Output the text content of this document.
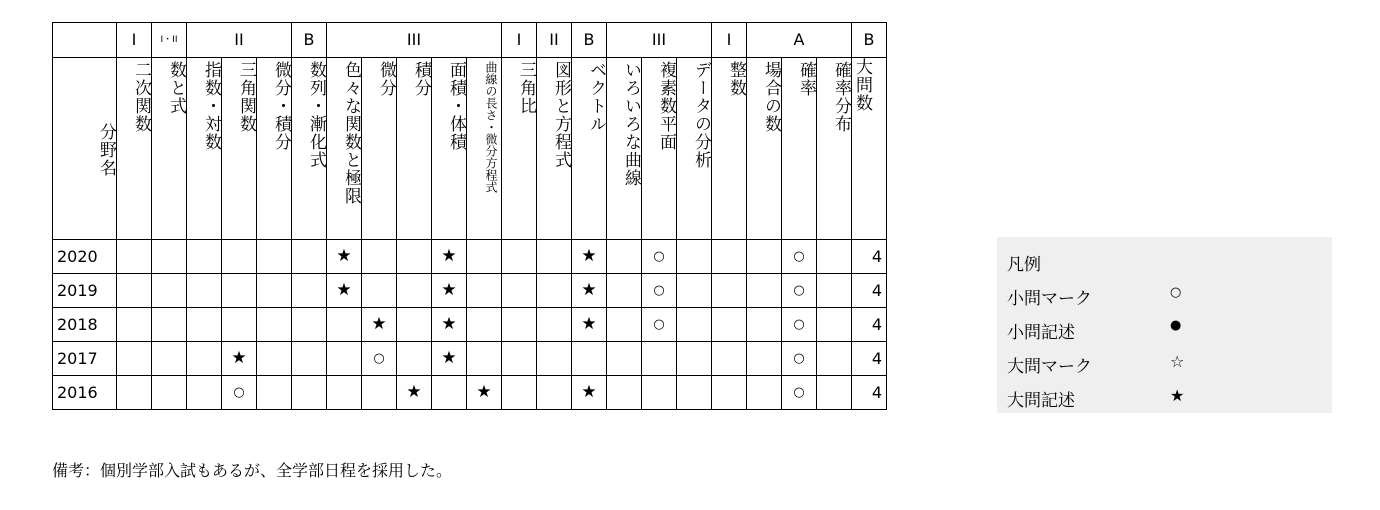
	I	I・II	II			B	III					I	II	B	III			I	A			B	
分野名	二次関数	数と式	指数・対数	三角関数	微分・積分	数列・漸化式	色々な関数と極限	微分	積分	面積・体積	曲線の長さ・微分方程式	三角比	図形と方程式	ベクトル	いろいろな曲線	複素数平面	データの分析	整数	場合の数	確率	確率分布	大問数	
2020							★			★				★		○				○		4	
2019							★			★				★		○				○		4	
2018								★		★				★		○				○		4	
2017				★				○		★										○		4	
2016				○					★		★			★						○		4	
凡例
小問マーク	○
小問記述	●
大問マーク	☆
大問記述	★
備考：個別学部入試もあるが、全学部日程を採用した。
